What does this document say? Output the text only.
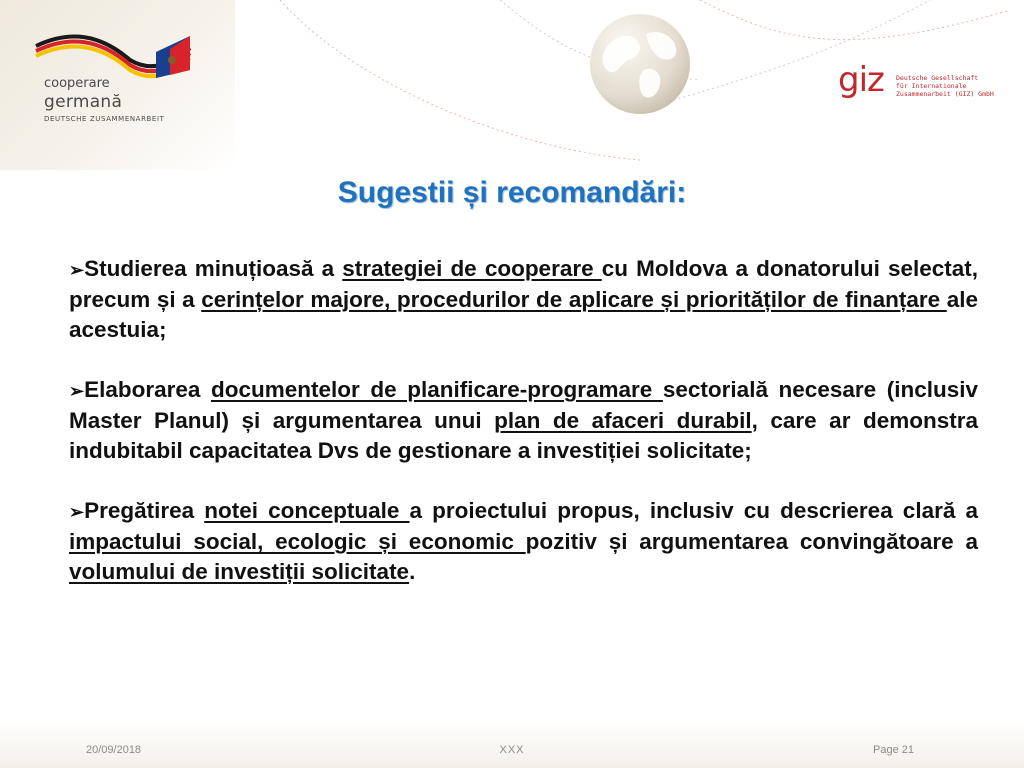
cooperare
germană
DEUTSCHE ZUSAMMENARBEIT
giz Deutsche Gesellschaft
für Internationale
Zusammenarbeit (GIZ) GmbH
Sugestii și recomandări:

➢Studierea minuțioasă a strategiei de cooperare cu Moldova a donatorului selectat, precum și a cerințelor majore, procedurilor de aplicare și priorităților de finanțare ale acestuia;

➢Elaborarea documentelor de planificare-programare sectorială necesare (inclusiv Master Planul) și argumentarea unui plan de afaceri durabil, care ar demonstra indubitabil capacitatea Dvs de gestionare a investiției solicitate;

➢Pregătirea notei conceptuale a proiectului propus, inclusiv cu descrierea clară a impactului social, ecologic și economic pozitiv și argumentarea convingătoare a volumului de investiții solicitate.

20/09/2018	XXX	Page 21
